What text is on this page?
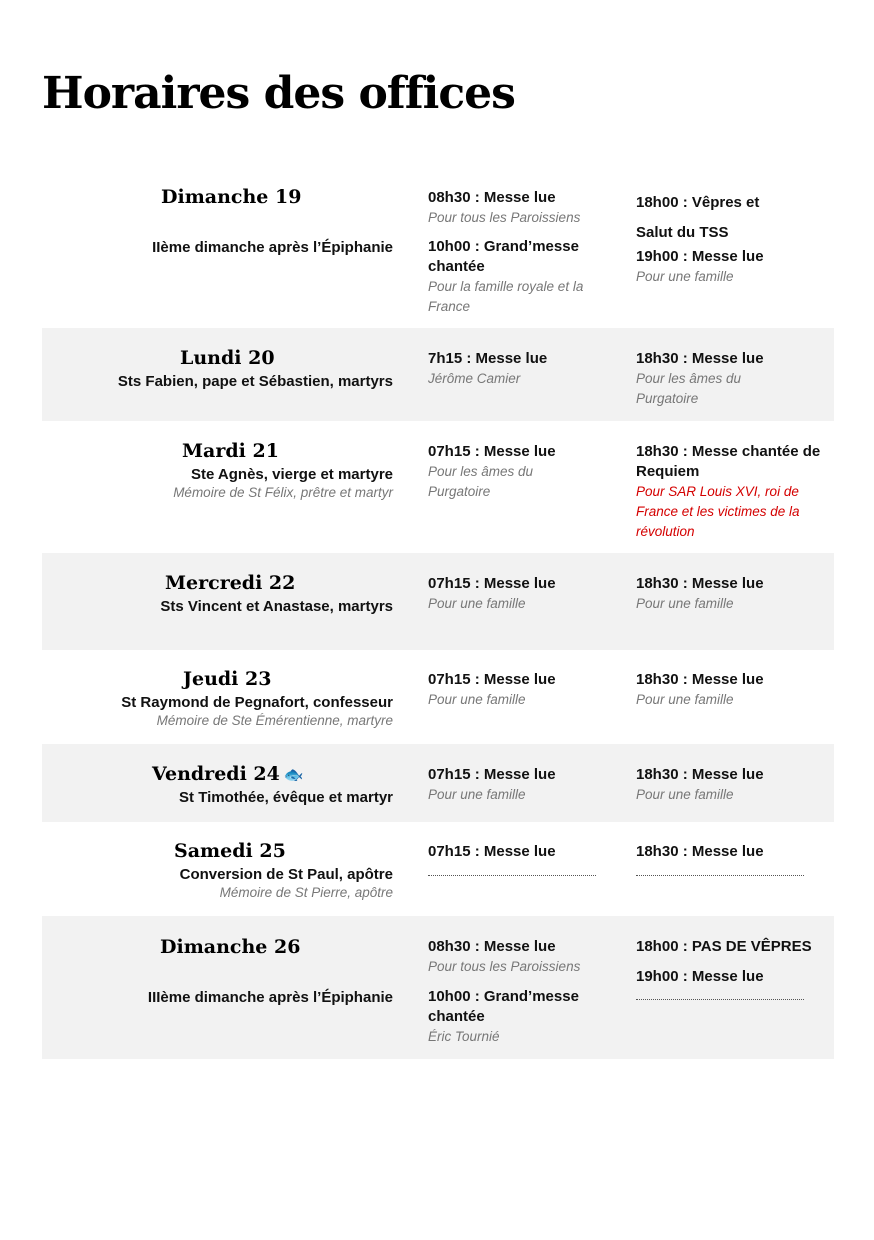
Horaires des offices
Dimanche 19
IIème dimanche après l’Épiphanie
08h30 : Messe lue
Pour tous les Paroissiens
10h00 : Grand’messe chantée
Pour la famille royale et la France
18h00 : Vêpres et Salut du TSS
19h00 : Messe lue
Pour une famille
Lundi 20
Sts Fabien, pape et Sébastien, martyrs
7h15 : Messe lue
Jérôme Camier
18h30 : Messe lue
Pour les âmes du Purgatoire
Mardi 21
Ste Agnès, vierge et martyre
Mémoire de St Félix, prêtre et martyr
07h15 : Messe lue
Pour les âmes du Purgatoire
18h30 : Messe chantée de Requiem
Pour SAR Louis XVI, roi de France et les victimes de la révolution
Mercredi 22
Sts Vincent et Anastase, martyrs
07h15 : Messe lue
Pour une famille
18h30 : Messe lue
Pour une famille
Jeudi 23
St Raymond de Pegnafort, confesseur
Mémoire de Ste Émérentienne, martyre
07h15 : Messe lue
Pour une famille
18h30 : Messe lue
Pour une famille
Vendredi 24 🐟
St Timothée, évêque et martyr
07h15 : Messe lue
Pour une famille
18h30 : Messe lue
Pour une famille
Samedi 25
Conversion de St Paul, apôtre
Mémoire de St Pierre, apôtre
07h15 : Messe lue	18h30 : Messe lue
Dimanche 26
IIIème dimanche après l’Épiphanie
08h30 : Messe lue
Pour tous les Paroissiens
10h00 : Grand’messe chantée
Éric Tournié
18h00 : PAS DE VÊPRES
19h00 : Messe lue
